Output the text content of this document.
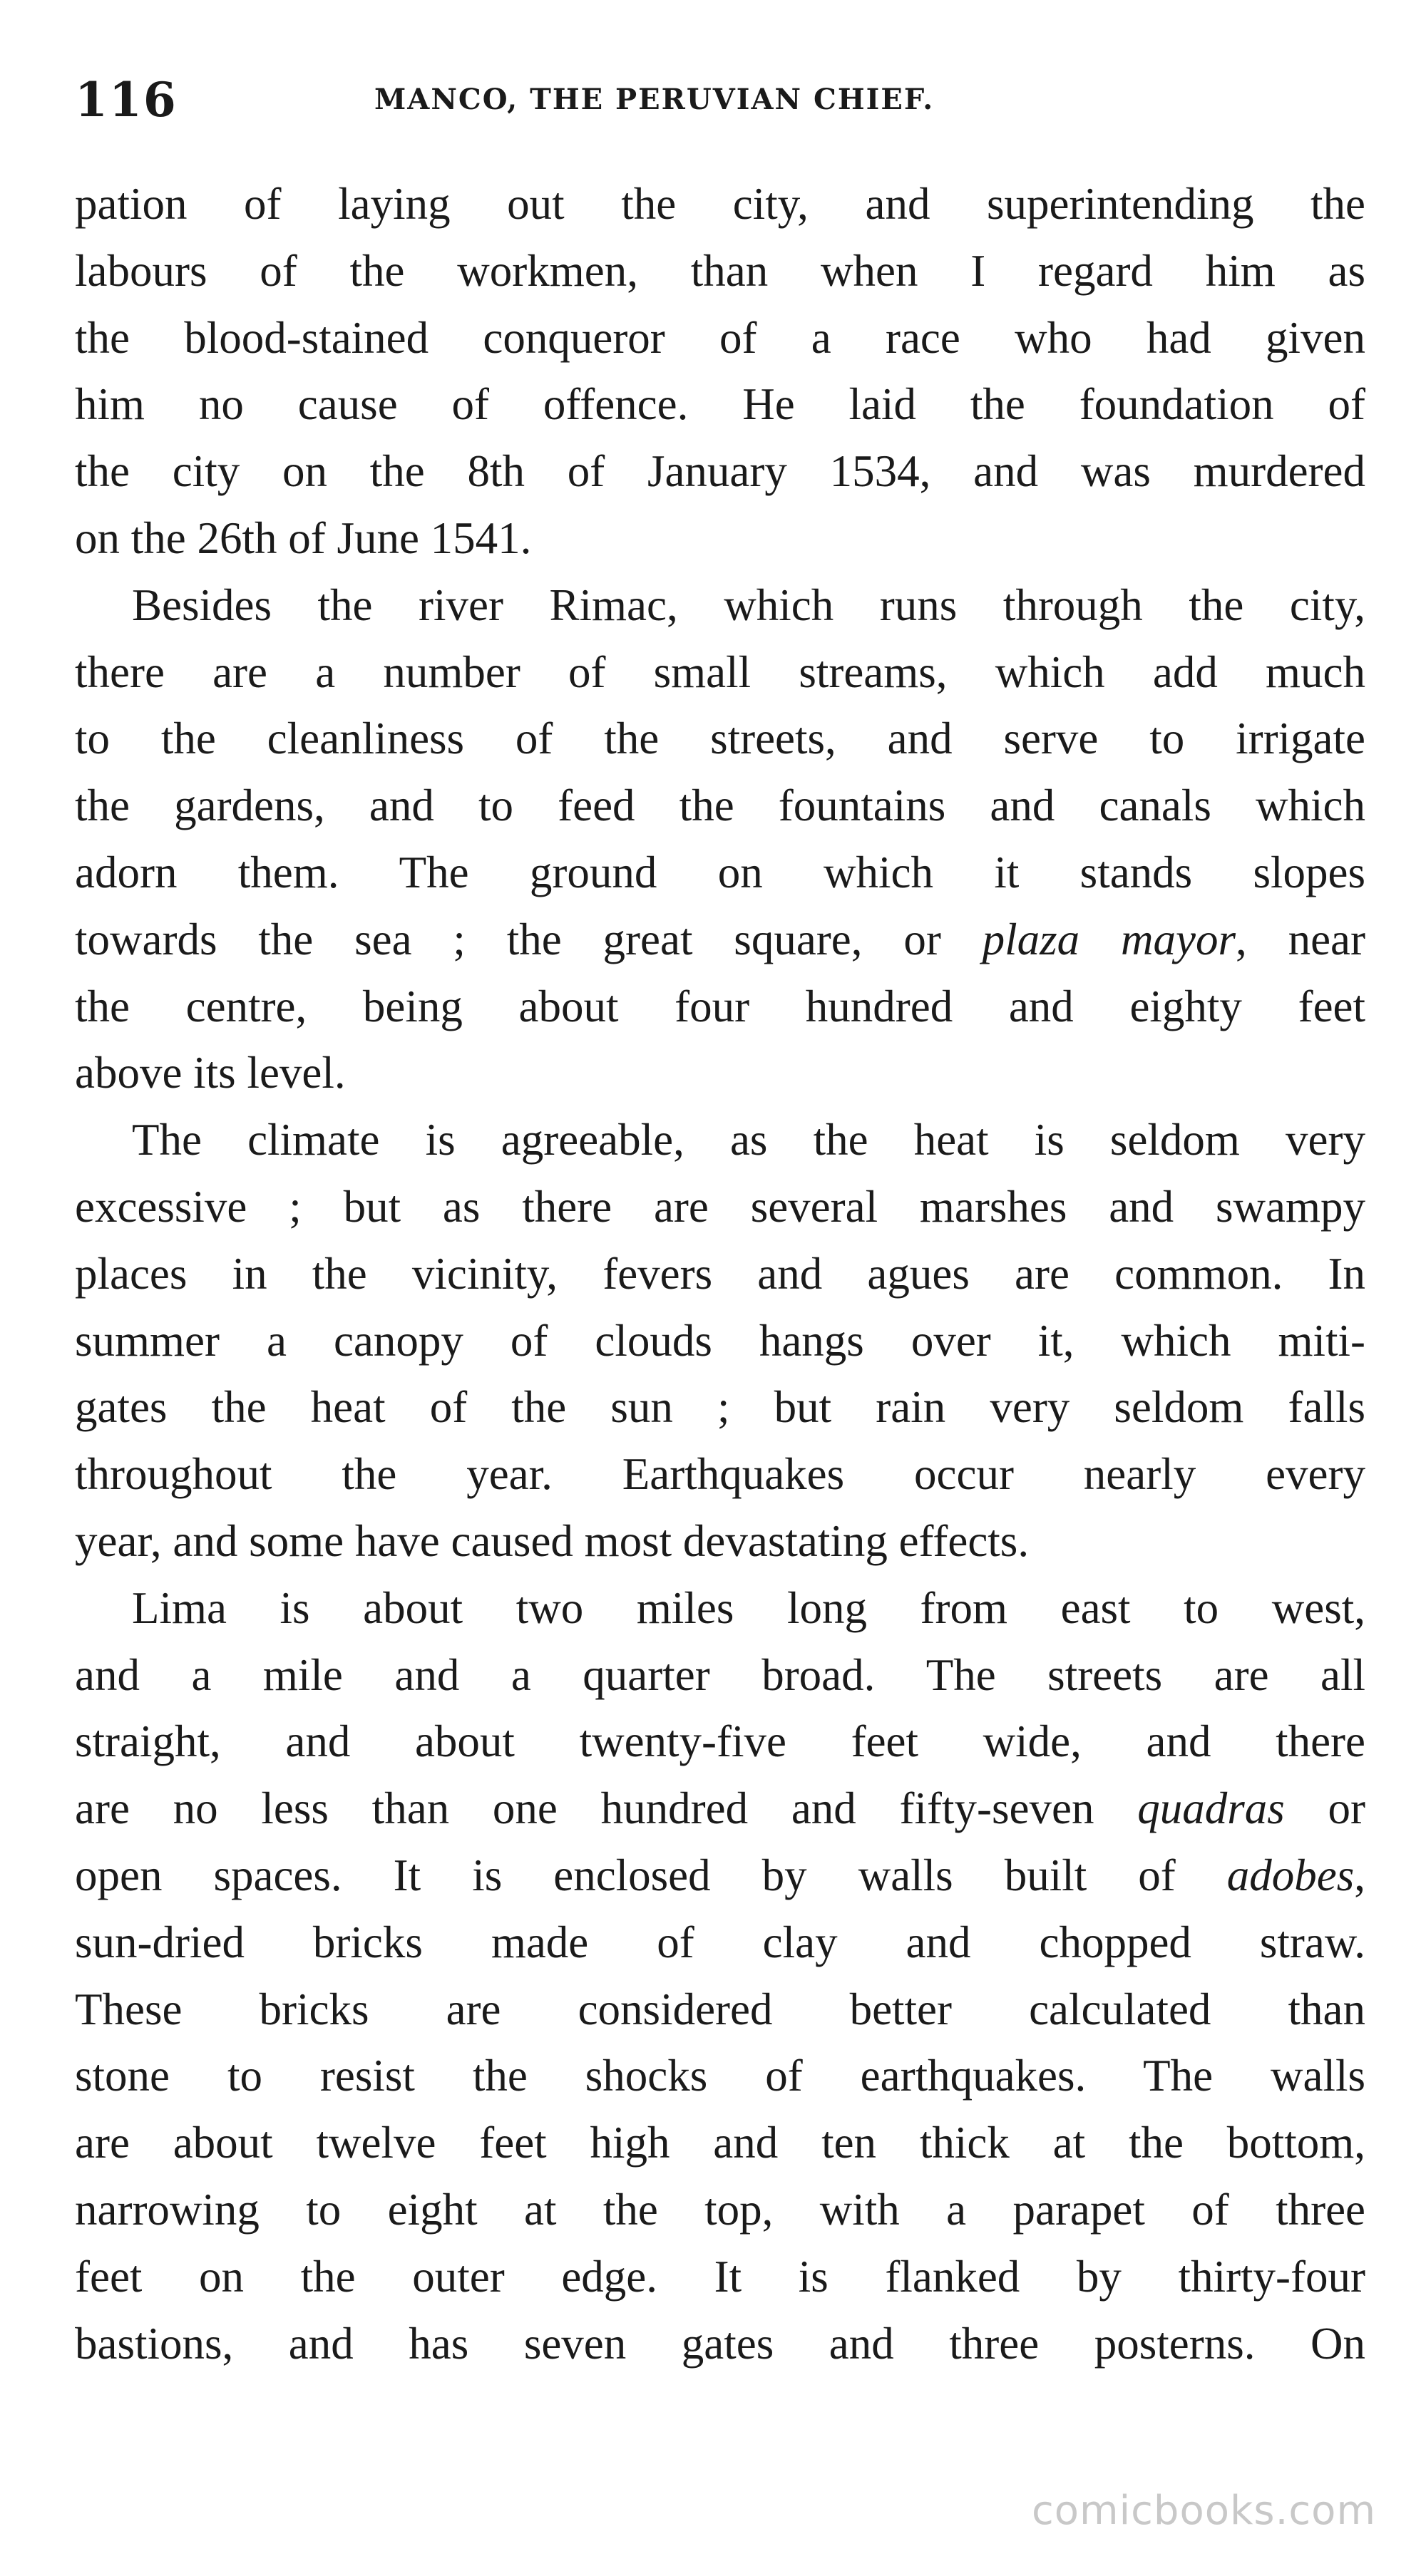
116	MANCO, THE PERUVIAN CHIEF.

pation of laying out the city, and superintending the
labours of the workmen, than when I regard him as
the blood-stained conqueror of a race who had given
him no cause of offence. He laid the foundation of
the city on the 8th of January 1534, and was murdered
on the 26th of June 1541.

Besides the river Rimac, which runs through the city,
there are a number of small streams, which add much
to the cleanliness of the streets, and serve to irrigate
the gardens, and to feed the fountains and canals which
adorn them. The ground on which it stands slopes
towards the sea ; the great square, or plaza mayor, near
the centre, being about four hundred and eighty feet
above its level.

The climate is agreeable, as the heat is seldom very
excessive ; but as there are several marshes and swampy
places in the vicinity, fevers and agues are common. In
summer a canopy of clouds hangs over it, which miti-
gates the heat of the sun ; but rain very seldom falls
throughout the year. Earthquakes occur nearly every
year, and some have caused most devastating effects.

Lima is about two miles long from east to west,
and a mile and a quarter broad. The streets are all
straight, and about twenty-five feet wide, and there
are no less than one hundred and fifty-seven quadras or
open spaces. It is enclosed by walls built of adobes,
sun-dried bricks made of clay and chopped straw.
These bricks are considered better calculated than
stone to resist the shocks of earthquakes. The walls
are about twelve feet high and ten thick at the bottom,
narrowing to eight at the top, with a parapet of three
feet on the outer edge. It is flanked by thirty-four
bastions, and has seven gates and three posterns. On

comicbooks.com
